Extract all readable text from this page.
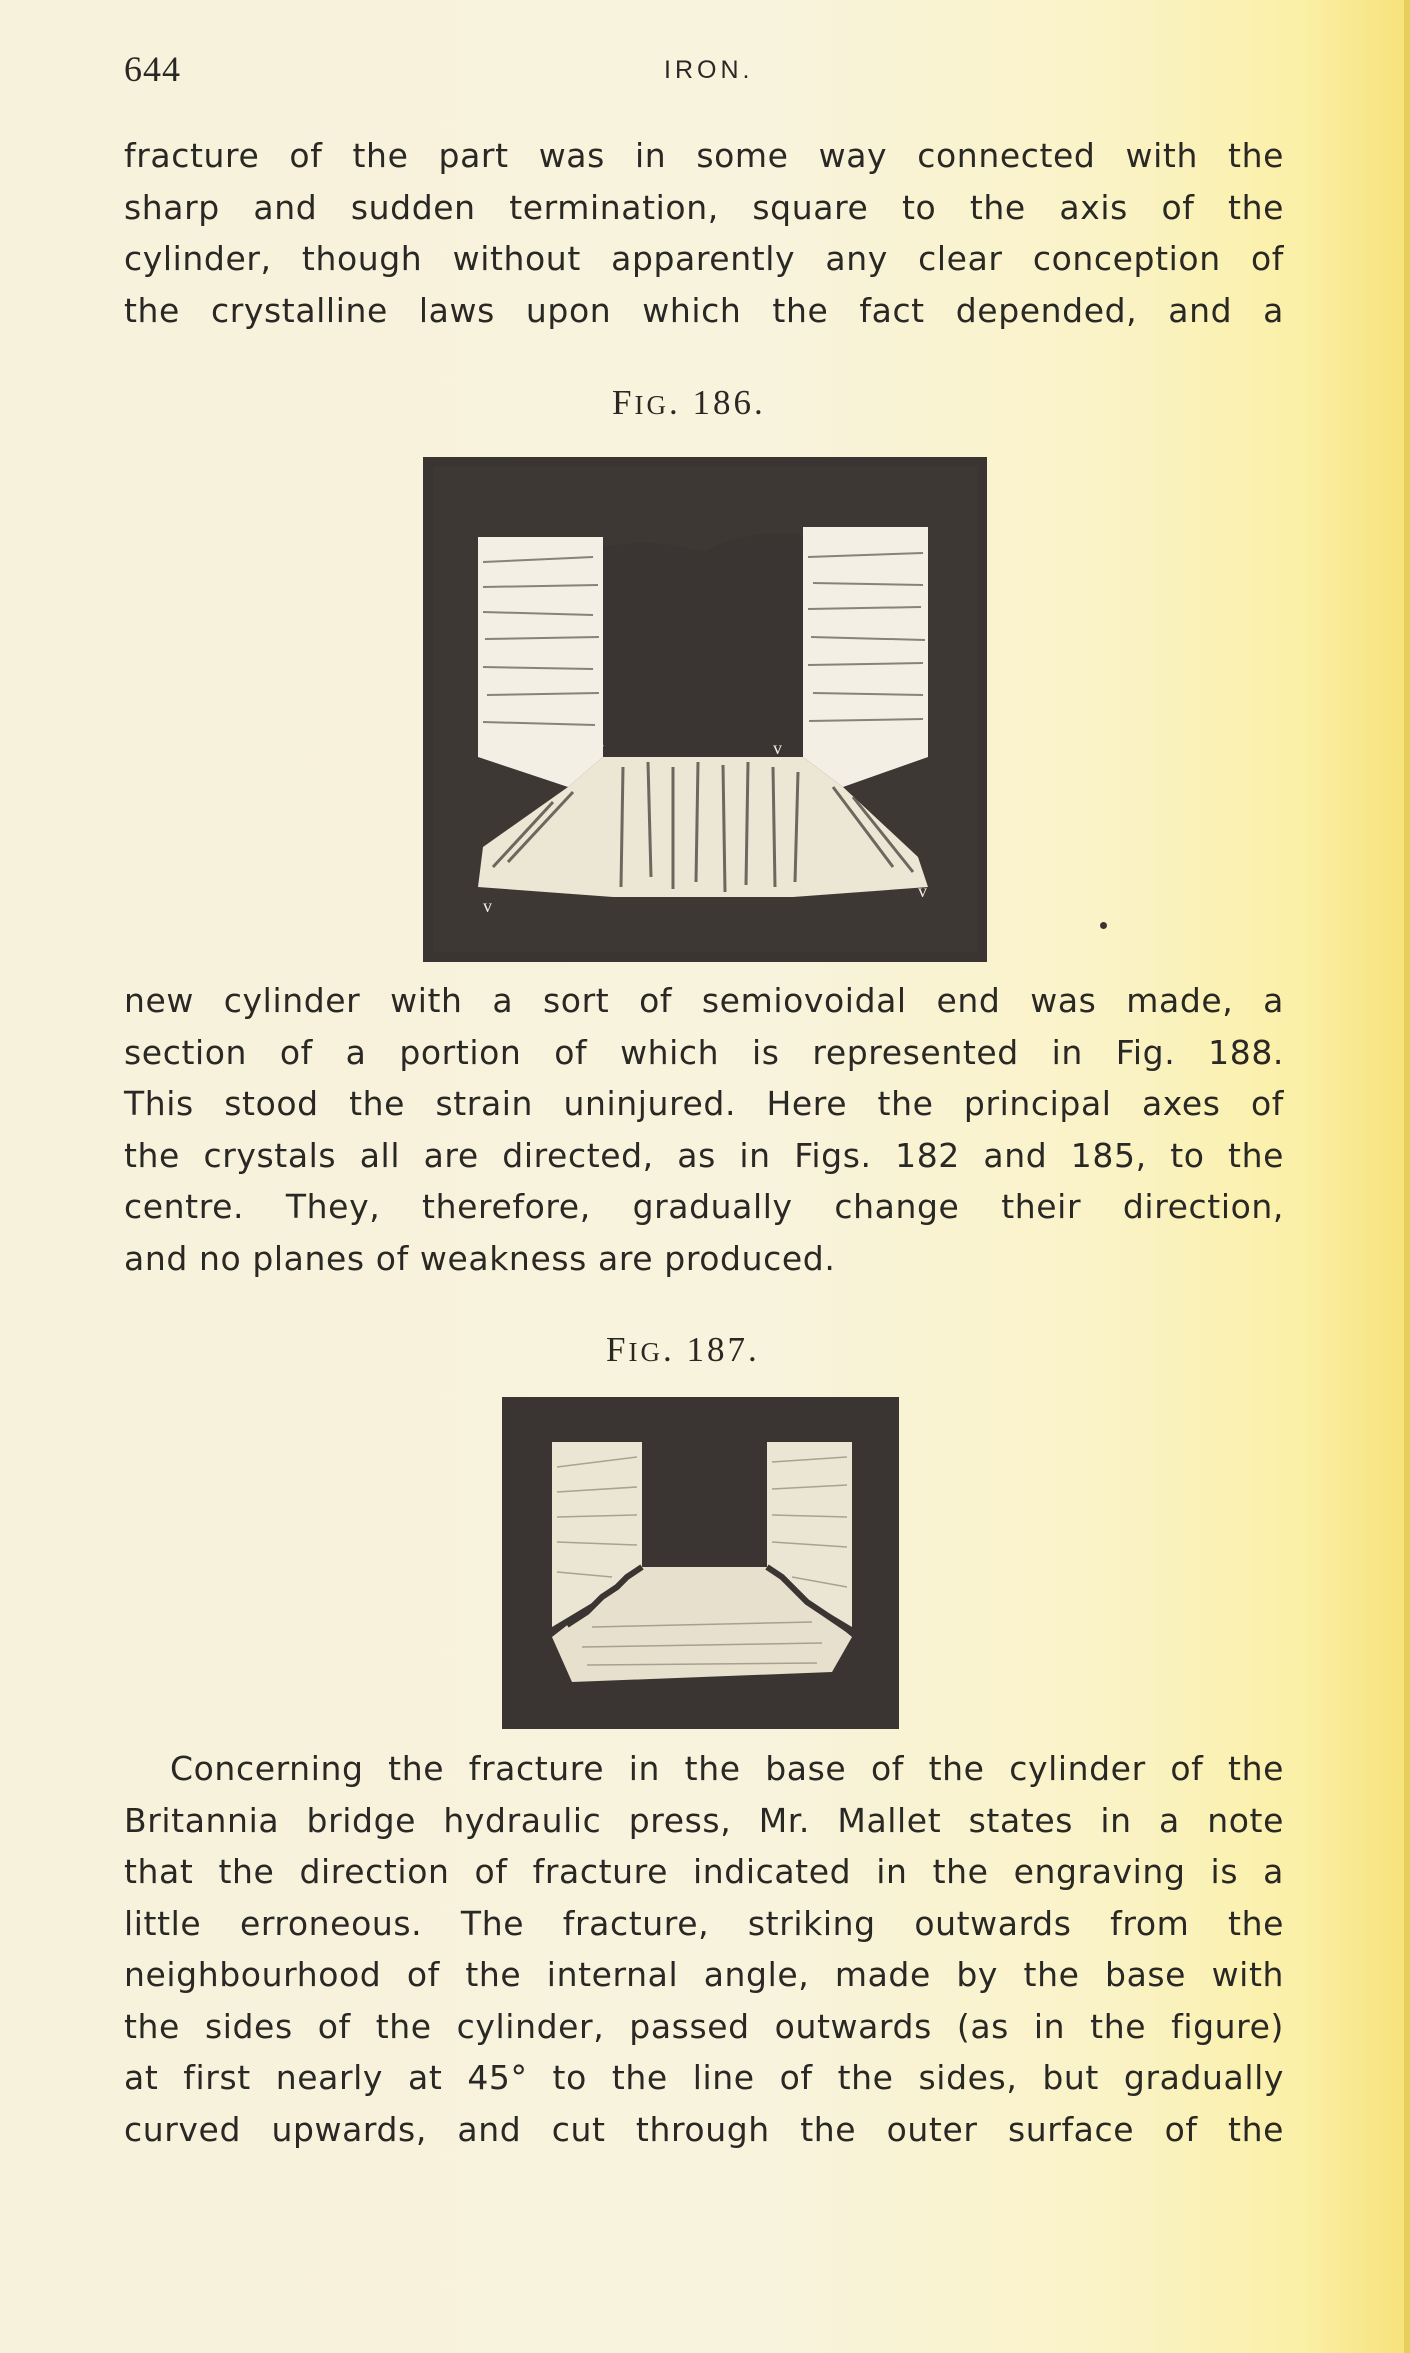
644	IRON.
fracture of the part was in some way connected with the
sharp and sudden termination, square to the axis of the
cylinder, though without apparently any clear conception of
the crystalline laws upon which the fact depended, and a
FIG. 186.
v	v
v
v
new cylinder with a sort of semiovoidal end was made, a
section of a portion of which is represented in Fig. 188.
This stood the strain uninjured. Here the principal axes of
the crystals all are directed, as in Figs. 182 and 185, to the
centre. They, therefore, gradually change their direction,
and no planes of weakness are produced.
FIG. 187.
Concerning the fracture in the base of the cylinder of the
Britannia bridge hydraulic press, Mr. Mallet states in a note
that the direction of fracture indicated in the engraving is a
little erroneous. The fracture, striking outwards from the
neighbourhood of the internal angle, made by the base with
the sides of the cylinder, passed outwards (as in the figure)
at first nearly at 45° to the line of the sides, but gradually
curved upwards, and cut through the outer surface of the
